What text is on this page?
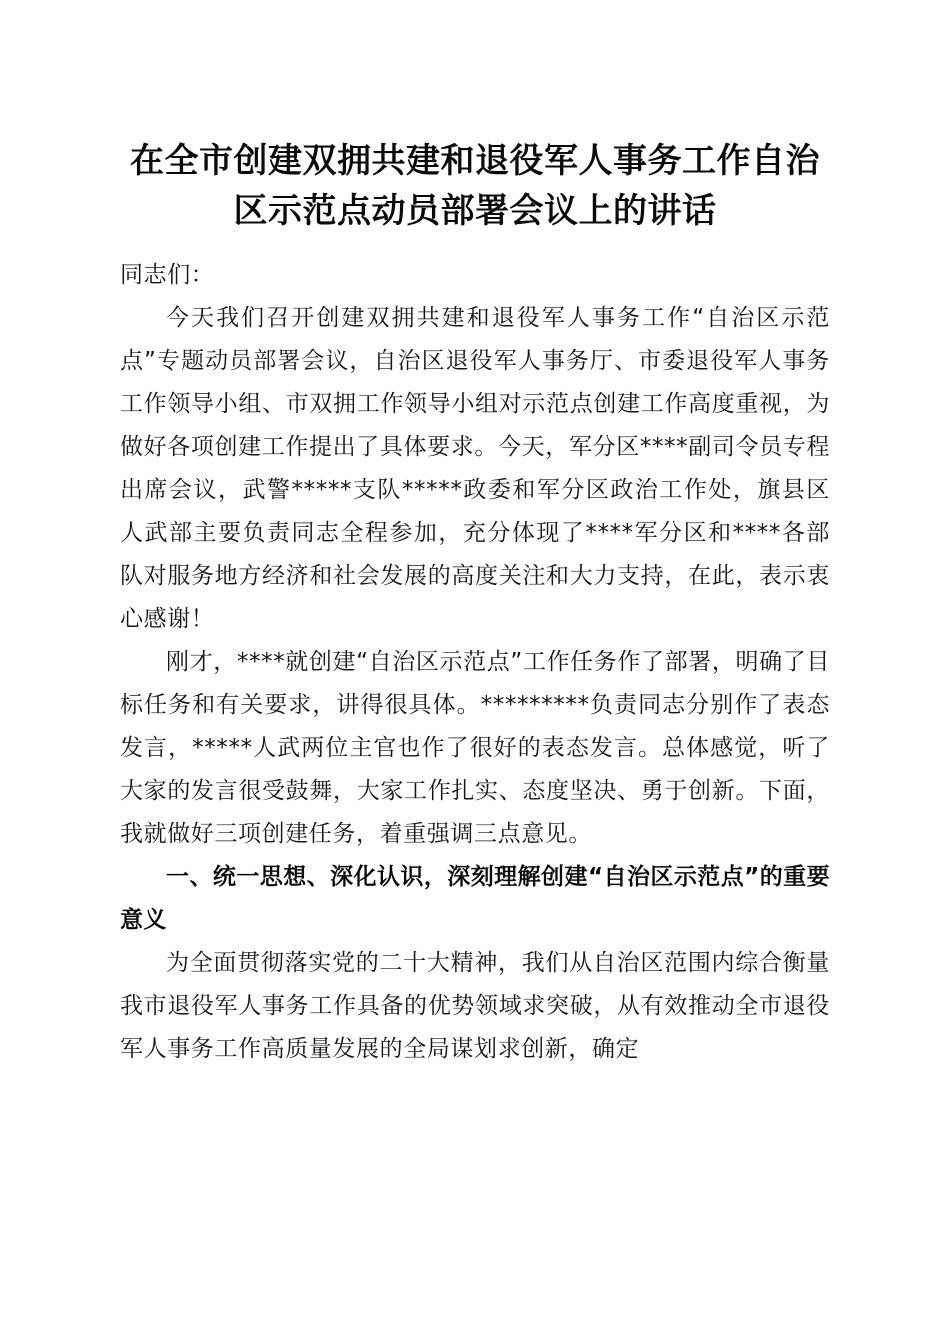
在全市创建双拥共建和退役军人事务工作自治
区示范点动员部署会议上的讲话

同志们：

今天我们召开创建双拥共建和退役军人事务工作“自治区示范点”专题动员部署会议，自治区退役军人事务厅、市委退役军人事务工作领导小组、市双拥工作领导小组对示范点创建工作高度重视，为做好各项创建工作提出了具体要求。今天，军分区****副司令员专程出席会议，武警*****支队*****政委和军分区政治工作处，旗县区人武部主要负责同志全程参加，充分体现了****军分区和****各部队对服务地方经济和社会发展的高度关注和大力支持，在此，表示衷心感谢！

刚才，****就创建“自治区示范点”工作任务作了部署，明确了目标任务和有关要求，讲得很具体。*********负责同志分别作了表态发言，*****人武两位主官也作了很好的表态发言。总体感觉，听了大家的发言很受鼓舞，大家工作扎实、态度坚决、勇于创新。下面，我就做好三项创建任务，着重强调三点意见。

一、统一思想、深化认识，深刻理解创建“自治区示范点”的重要意义

为全面贯彻落实党的二十大精神，我们从自治区范围内综合衡量我市退役军人事务工作具备的优势领域求突破，从有效推动全市退役军人事务工作高质量发展的全局谋划求创新，确定
